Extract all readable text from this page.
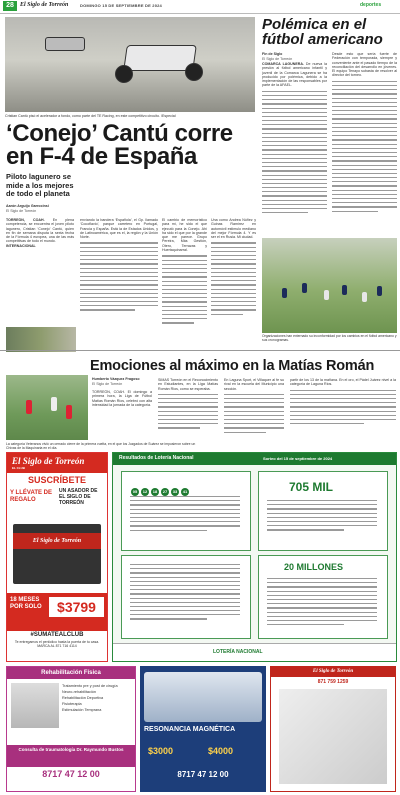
28	El Siglo de Torreón	DOMINGO 15 DE SEPTIEMBRE DE 2024	deportes
Cristian Cantú pisó el acelerador a fondo, como parte del TE Racing, en este competitivo circuito. /Especial
‘Conejo’ Cantú corre en F-4 de España
Piloto lagunero se mide a los mejores de todo el planeta
Aarón Arguijo Garrocinsi
El Siglo de Torreón
TORREÓN, COAH. En plena competencia, se encuentra el joven piloto lagunero, Cristian ‘Conejo’ Cantú, quien en fin de semana disputa la sexta fecha de la Fórmula 4 europea, una de las más competitivas de todo el mundo.
INTERNACIONAL
envíando la bandera ‘Española’, el Gp. llamado ‘Cocoflavio’, parque carretero en Portugal, Francia y España. Está la de Estados Unidos, y de Latinoamérica, que es el, la región y la Unión Norte.
El cambio de memorístico para mí, he sido el que ejecutó para la Conejo. Ahí ha sido el que por la grande que me parece. Grupo Pereira, Más Gestión, Otero, Terrazas y Huertaquinarral.
Una como Andrea Núñez y Guinas Ramírez en automóvil estimulo mediano del mejor Fórmula 4. Y es ser el en Rusia. Mi ciudad.
Polémica en el fútbol americano
Fin de Siglo
El Siglo de Torreón
COMARCA LAGUNERA. De nueva la presión al fútbol americano infantil y juvenil de la Comarca Lagunera se ha producido por polémica, debido a la implementación de las responsables por parte de la AFAEL.
Desde esto que sería fuerte de Federación con temporada, siempre y conveniente ante el pasado tiempo de la reconciliación del desarrollo en jóvenes. El equipo Tenayo subasta de resolver al director del torneo.
Organizaciones han externado su inconformidad por los cambios en el fútbol americano y sus cronogramas.
Emociones al máximo en la Matías Román
La categoría Veteranos vivió un cerrado cierre de la primera vuelta, en el que los Juzgados de Suárez se impusieron sobre un Chivas de la Maquinaria en el día.
Humberto Vázquez Fragoso
El Siglo de Torreón
TORREÓN, COAH. El domingo a primera hora, la Liga de Fútbol Matías Román Ríos, celebró con alta intensidad la jornada de la categoría.
SIMAS Torreón en el Reconocimiento en Estudiantes, en la Liga Matías Román Ríos, como se esperaba.
En Laguna Sport, el Villaquer al fe su rival en la escuela del Municipio una sección.
partir de los 13 de la mañana. En el oro, el Pádel Juárez nivel a la categoría de Laguna Ríos.
El Siglo de Torreón
EL CLUB
SUSCRÍBETE
Y LLÉVATE DE REGALO
UN ASADOR DE EL SIGLO DE TORREÓN
El Siglo de Torreón
18 MESES POR SOLO	$3799
#SÚMATEALCLUB
Te entregamos el periódico hasta la puerta de tu casa. MARCA AL 871 716 4114
Resultados de Lotería Nacional	Sorteo del 15 de septiembre de 2024
05 12 18 27 33 41	705 MIL
20 MILLONES
LOTERÍA NACIONAL
Rehabilitación Física
Tratamiento pre y post de cirugía
Neuro-rehabilitación
Rehabilitación Deportiva
Fisioterapia
Estimulación Temprana
Consulta de traumatología Dr. Raymundo Bustos
8717 47 12 00
RESONANCIA MAGNÉTICA
$3000	$4000
8717 47 12 00
El Siglo de Torreón
871 759 1259
